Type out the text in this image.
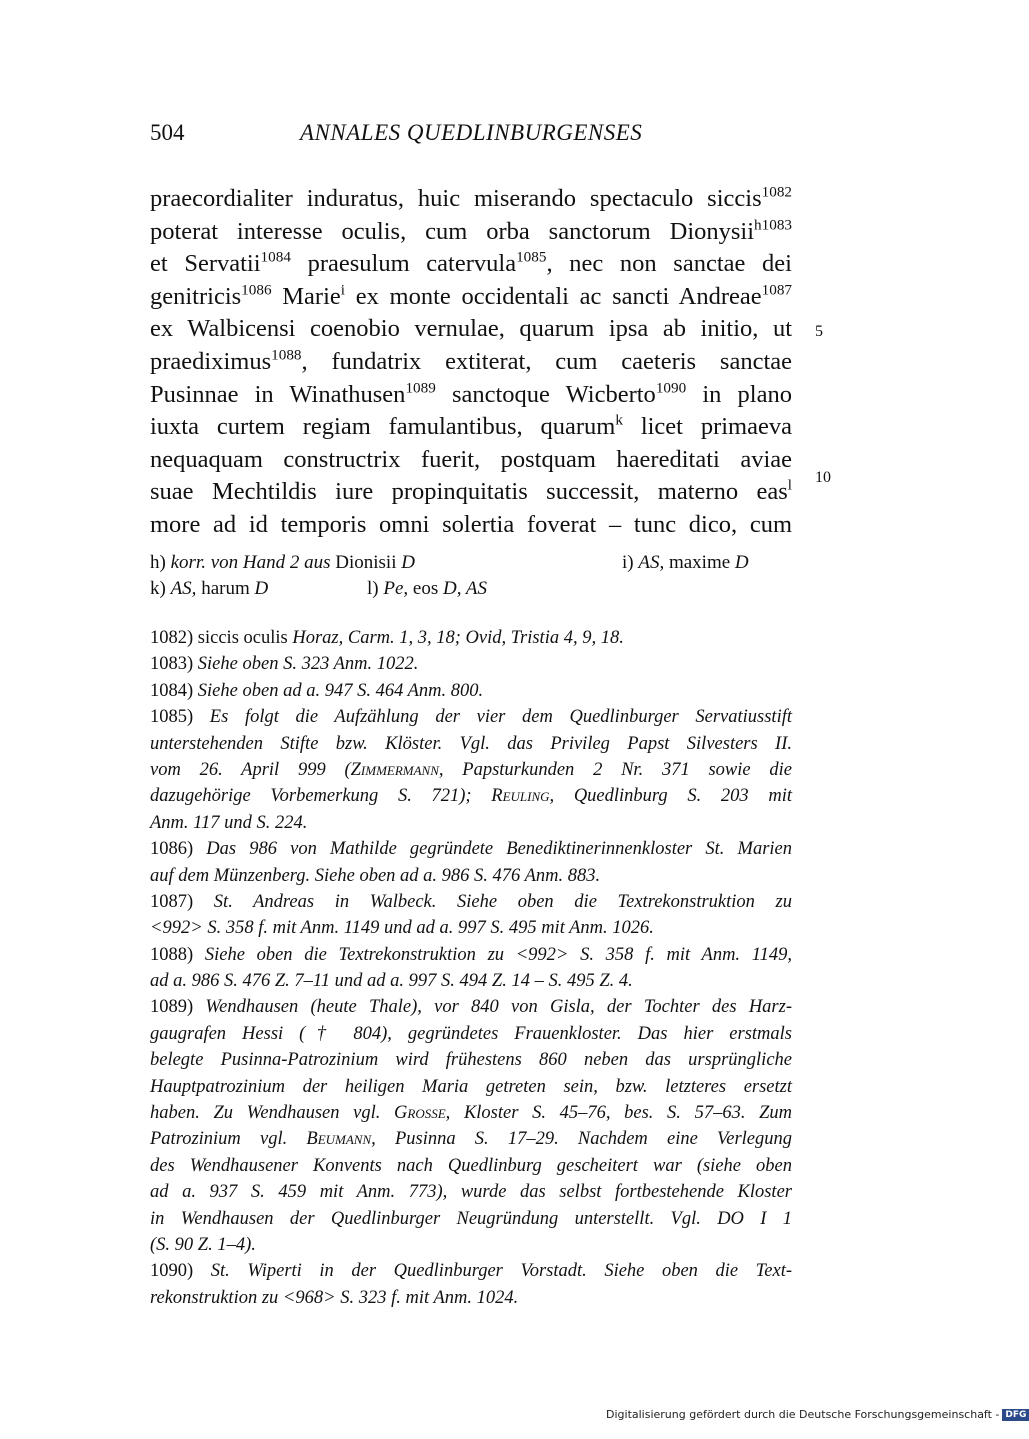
504	ANNALES QUEDLINBURGENSES
praecordialiter induratus, huic miserando spectaculo siccis$^{1082}$
poterat interesse oculis, cum orba sanctorum Dionysii$^{h1083}$
et Servatii$^{1084}$ praesulum catervula$^{1085}$, nec non sanctae dei
genitricis$^{1086}$ Marie$^i$ ex monte occidentali ac sancti Andreae$^{1087}$
ex Walbicensi coenobio vernulae, quarum ipsa ab initio, ut
praediximus$^{1088}$, fundatrix extiterat, cum caeteris sanctae
Pusinnae in Winathusen$^{1089}$ sanctoque Wicberto$^{1090}$ in plano
iuxta curtem regiam famulantibus, quarum$^k$ licet primaeva
nequaquam constructrix fuerit, postquam haereditati aviae
suae Mechtildis iure propinquitatis successit, materno eas$^l$
more ad id temporis omni solertia foverat – tunc dico, cum
5
10
h) korr. von Hand 2 aus Dionisii D	i) AS, maxime D
k) AS, harum D	l) Pe, eos D, AS
1082) siccis oculis Horaz, Carm. 1, 3, 18; Ovid, Tristia 4, 9, 18.
1083) Siehe oben S. 323 Anm. 1022.
1084) Siehe oben ad a. 947 S. 464 Anm. 800.
1085) Es folgt die Aufzählung der vier dem Quedlinburger Servatiusstift
unterstehenden Stifte bzw. Klöster. Vgl. das Privileg Papst Silvesters II.
vom 26. April 999 (Zimmermann, Papsturkunden 2 Nr. 371 sowie die
dazugehörige Vorbemerkung S. 721); Reuling, Quedlinburg S. 203 mit
Anm. 117 und S. 224.
1086) Das 986 von Mathilde gegründete Benediktinerinnenkloster St. Marien
auf dem Münzenberg. Siehe oben ad a. 986 S. 476 Anm. 883.
1087) St. Andreas in Walbeck. Siehe oben die Textrekonstruktion zu
<992> S. 358 f. mit Anm. 1149 und ad a. 997 S. 495 mit Anm. 1026.
1088) Siehe oben die Textrekonstruktion zu <992> S. 358 f. mit Anm. 1149,
ad a. 986 S. 476 Z. 7–11 und ad a. 997 S. 494 Z. 14 – S. 495 Z. 4.
1089) Wendhausen (heute Thale), vor 840 von Gisla, der Tochter des Harz-
gaugrafen Hessi († 804), gegründetes Frauenkloster. Das hier erstmals
belegte Pusinna-Patrozinium wird frühestens 860 neben das ursprüngliche
Hauptpatrozinium der heiligen Maria getreten sein, bzw. letzteres ersetzt
haben. Zu Wendhausen vgl. Grosse, Kloster S. 45–76, bes. S. 57–63. Zum
Patrozinium vgl. Beumann, Pusinna S. 17–29. Nachdem eine Verlegung
des Wendhausener Konvents nach Quedlinburg gescheitert war (siehe oben
ad a. 937 S. 459 mit Anm. 773), wurde das selbst fortbestehende Kloster
in Wendhausen der Quedlinburger Neugründung unterstellt. Vgl. DO I 1
(S. 90 Z. 1–4).
1090) St. Wiperti in der Quedlinburger Vorstadt. Siehe oben die Text-
rekonstruktion zu <968> S. 323 f. mit Anm. 1024.
Digitalisierung gefördert durch die Deutsche Forschungsgemeinschaft - DFG
